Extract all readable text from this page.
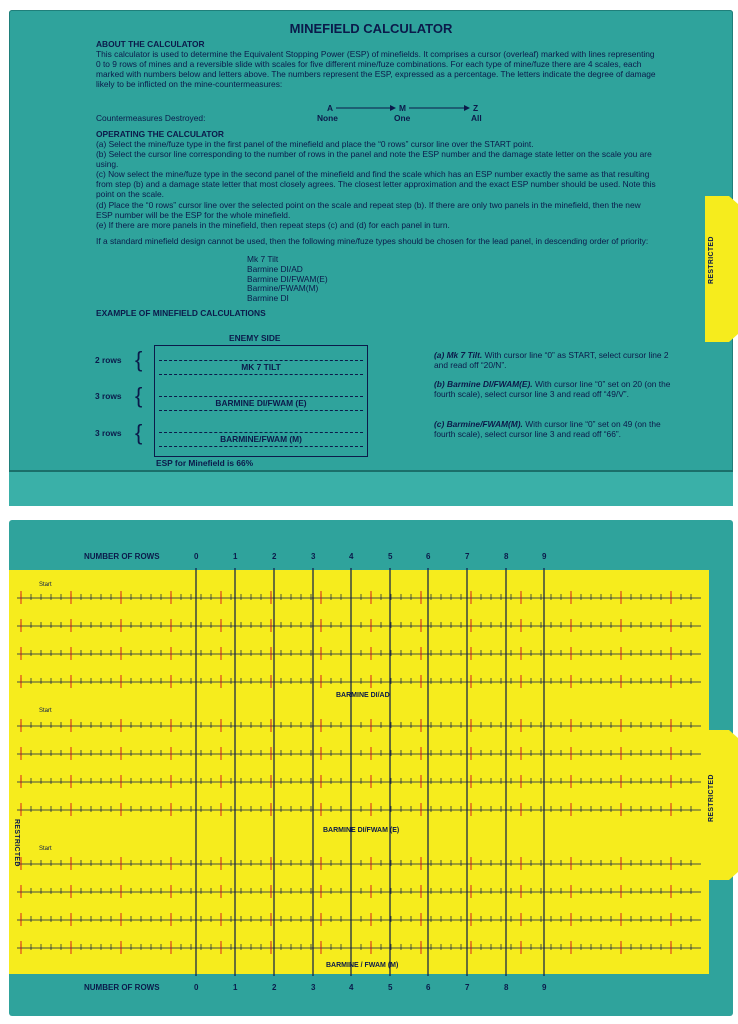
MINEFIELD CALCULATOR
ABOUT THE CALCULATOR
This calculator is used to determine the Equivalent Stopping Power (ESP) of minefields. It comprises a cursor (overleaf) marked with lines representing 0 to 9 rows of mines and a reversible slide with scales for five different mine/fuze combinations. For each type of mine/fuze there are 4 scales, each marked with numbers below and letters above. The numbers represent the ESP, expressed as a percentage. The letters indicate the degree of damage likely to be inflicted on the mine-countermeasures:
Countermeasures Destroyed:
A
None
M
One
Z
All
OPERATING THE CALCULATOR
(a) Select the mine/fuze type in the first panel of the minefield and place the “0 rows” cursor line over the START point.
(b) Select the cursor line corresponding to the number of rows in the panel and note the ESP number and the damage state letter on the scale you are using.
(c) Now select the mine/fuze type in the second panel of the minefield and find the scale which has an ESP number exactly the same as that resulting from step (b) and a damage state letter that most closely agrees. The closest letter approximation and the exact ESP number should be used. Note this point on the scale.
(d) Place the “0 rows” cursor line over the selected point on the scale and repeat step (b). If there are only two panels in the minefield, then the new ESP number will be the ESP for the whole minefield.
(e) If there are more panels in the minefield, then repeat steps (c) and (d) for each panel in turn.
If a standard minefield design cannot be used, then the following mine/fuze types should be chosen for the lead panel, in descending order of priority:
Mk 7 Tilt
Barmine DI/AD
Barmine DI/FWAM(E)
Barmine/FWAM(M)
Barmine DI
EXAMPLE OF MINEFIELD CALCULATIONS
ENEMY SIDE
MK 7 TILT
BARMINE DI/FWAM (E)
BARMINE/FWAM (M)
2 rows
3 rows
3 rows
{
{
{
ESP for Minefield is 66%
(a) Mk 7 Tilt. With cursor line “0” as START, select cursor line 2 and read off “20/N”.
(b) Barmine DI/FWAM(E). With cursor line “0” set on 20 (on the fourth scale), select cursor line 3 and read off “49/V”.
(c) Barmine/FWAM(M). With cursor line “0” set on 49 (on the fourth scale), select cursor line 3 and read off “66”.
RESTRICTED
NUMBER OF ROWS	0	1	2	3	4	5	6	7	8	9
NUMBER OF ROWS	0	1	2	3	4	5	6	7	8	9
Start
Start
Start
BARMINE DI/AD
BARMINE DI/FWAM (E)
BARMINE / FWAM (M)
RESTRICTED
RESTRICTED
